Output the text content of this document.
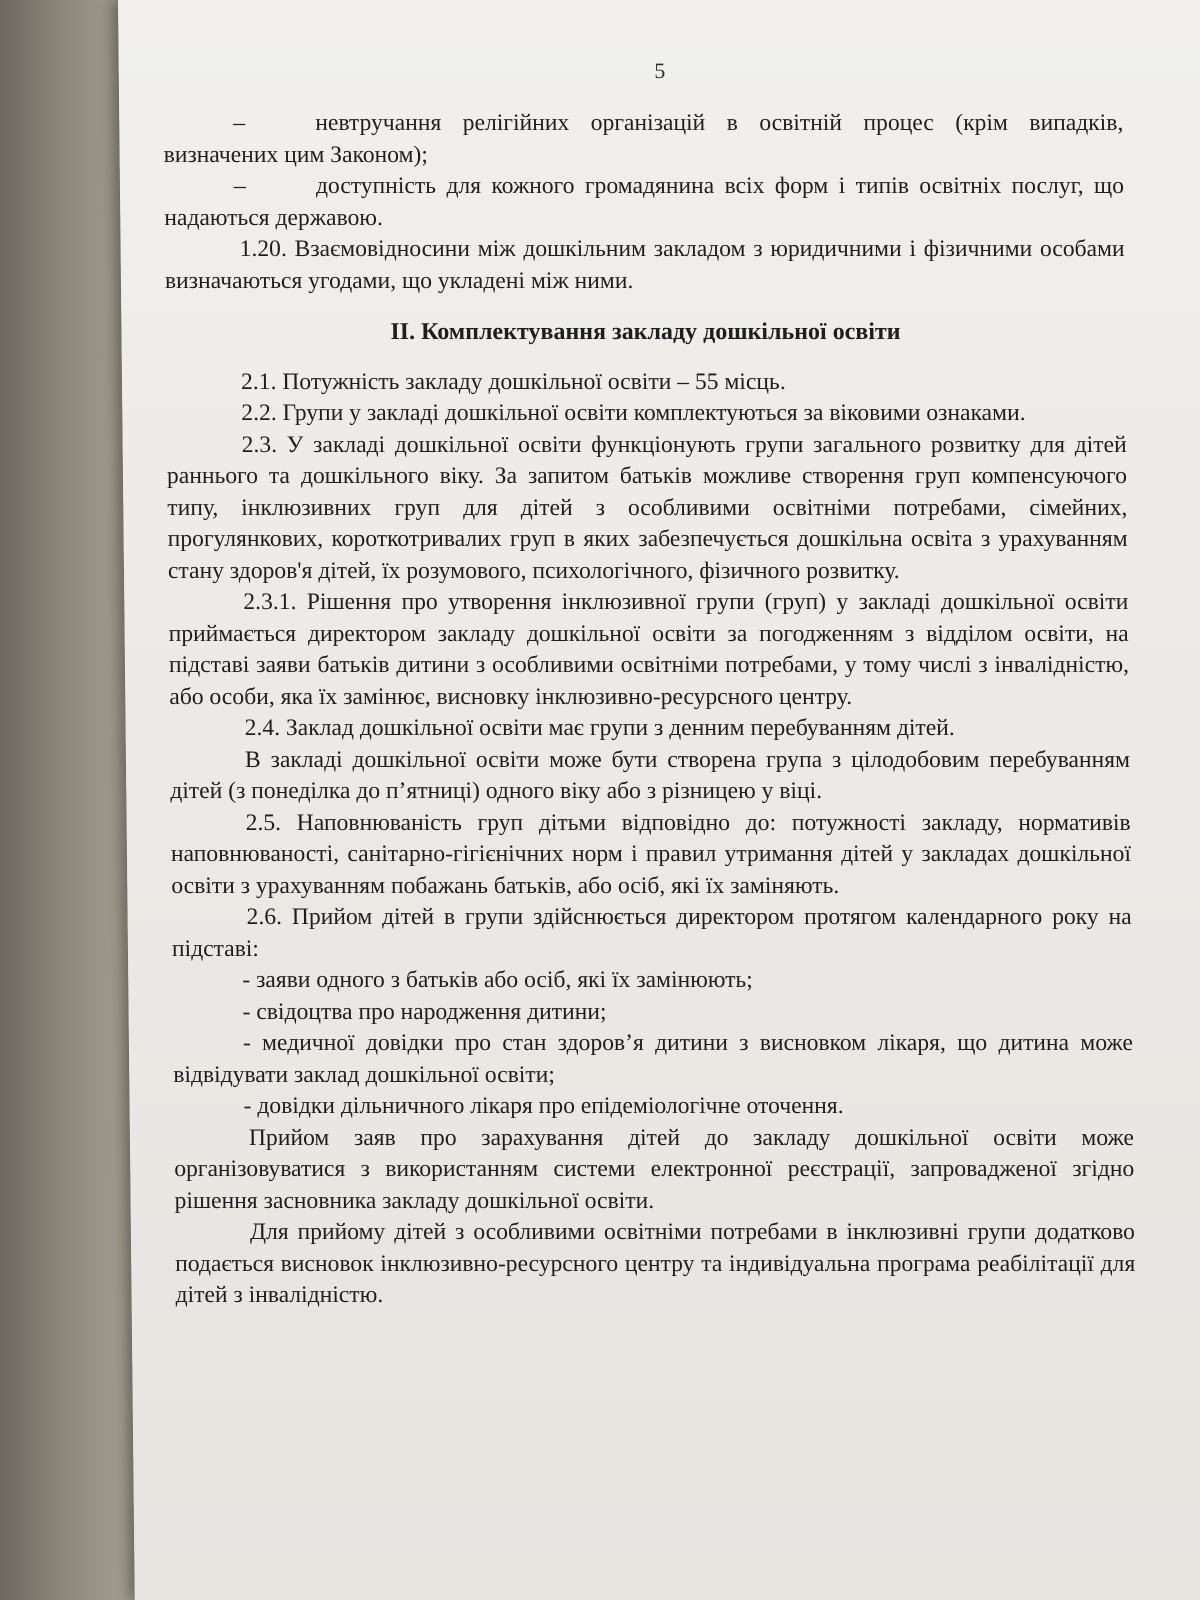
5

–	невтручання релігійних організацій в освітній процес (крім випадків, визначених цим Законом);

–	доступність для кожного громадянина всіх форм і типів освітніх послуг, що надаються державою.

1.20. Взаємовідносини між дошкільним закладом з юридичними і фізичними особами визначаються угодами, що укладені між ними.

ІІ. Комплектування закладу дошкільної освіти

2.1. Потужність закладу дошкільної освіти – 55 місць.

2.2. Групи у закладі дошкільної освіти комплектуються за віковими ознаками.

2.3. У закладі дошкільної освіти функціонують групи загального розвитку для дітей раннього та дошкільного віку. За запитом батьків можливе створення груп компенсуючого типу, інклюзивних груп для дітей з особливими освітніми потребами, сімейних, прогулянкових, короткотривалих груп в яких забезпечується дошкільна освіта з урахуванням стану здоров'я дітей, їх розумового, психологічного, фізичного розвитку.

2.3.1. Рішення про утворення інклюзивної групи (груп) у закладі дошкільної освіти приймається директором закладу дошкільної освіти за погодженням з відділом освіти, на підставі заяви батьків дитини з особливими освітніми потребами, у тому числі з інвалідністю, або особи, яка їх замінює, висновку інклюзивно-ресурсного центру.

2.4. Заклад дошкільної освіти має групи з денним перебуванням дітей.

В закладі дошкільної освіти може бути створена група з цілодобовим перебуванням дітей (з понеділка до п’ятниці) одного віку або з різницею у віці.

2.5. Наповнюваність груп дітьми відповідно до: потужності закладу, нормативів наповнюваності, санітарно-гігієнічних норм і правил утримання дітей у закладах дошкільної освіти з урахуванням побажань батьків, або осіб, які їх заміняють.

2.6. Прийом дітей в групи здійснюється директором протягом календарного року на підставі:

- заяви одного з батьків або осіб, які їх замінюють;

- свідоцтва про народження дитини;

- медичної довідки про стан здоров’я дитини з висновком лікаря, що дитина може відвідувати заклад дошкільної освіти;

- довідки дільничного лікаря про епідеміологічне оточення.

Прийом заяв про зарахування дітей до закладу дошкільної освіти може організовуватися з використанням системи електронної реєстрації, запровадженої згідно рішення засновника закладу дошкільної освіти.

Для прийому дітей з особливими освітніми потребами в інклюзивні групи додатково подається висновок інклюзивно-ресурсного центру та індивідуальна програма реабілітації для дітей з інвалідністю.
